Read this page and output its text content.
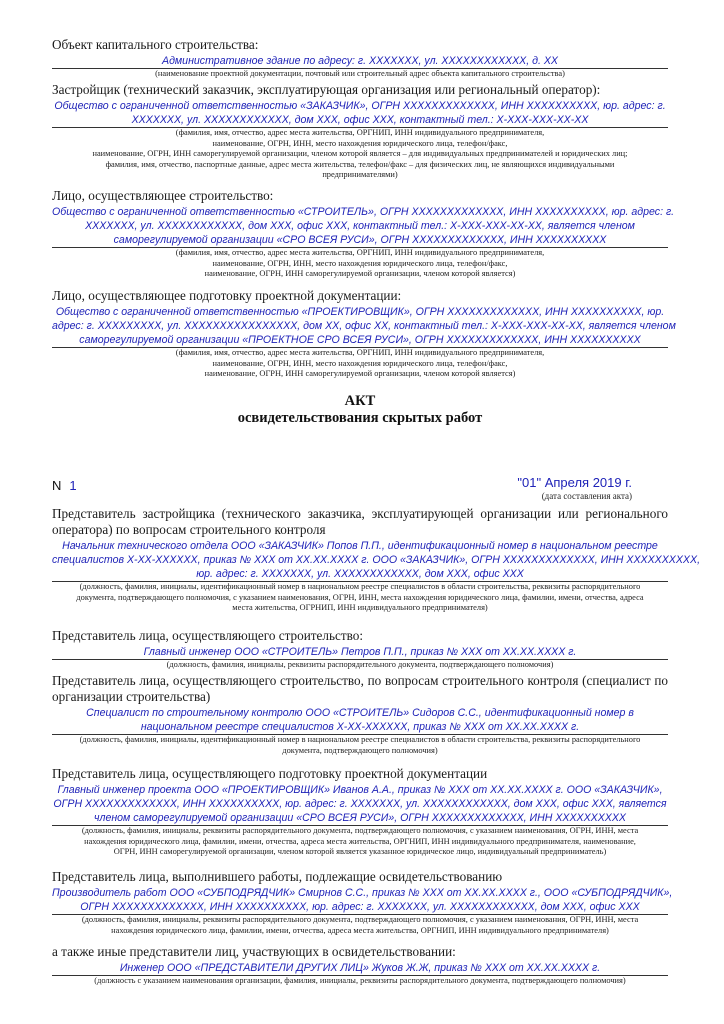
Объект капитального строительства:
Административное здание по адресу: г. XXXXXXX, ул. XXXXXXXXXXXX, д. XX
(наименование проектной документации, почтовый или строительный адрес объекта капитального строительства)
Застройщик (технический заказчик, эксплуатирующая организация или региональный оператор):
Общество с ограниченной ответственностью «ЗАКАЗЧИК», ОГРН XXXXXXXXXXXXX, ИНН XXXXXXXXXX, юр. адрес: г.
XXXXXXX, ул. XXXXXXXXXXXX, дом XXX, офис XXX, контактный тел.: X-XXX-XXX-XX-XX
(фамилия, имя, отчество, адрес места жительства, ОРГНИП, ИНН индивидуального предпринимателя,
наименование, ОГРН, ИНН, место нахождения юридического лица, телефон/факс,
наименование, ОГРН, ИНН саморегулируемой организации, членом которой является – для индивидуальных предпринимателей и юридических лиц;
фамилия, имя, отчество, паспортные данные, адрес места жительства, телефон/факс – для физических лиц, не являющихся индивидуальными
предпринимателями)
Лицо, осуществляющее строительство:
Общество с ограниченной ответственностью «СТРОИТЕЛЬ», ОГРН XXXXXXXXXXXXX, ИНН XXXXXXXXXX, юр. адрес: г.
XXXXXXX, ул. XXXXXXXXXXXX, дом XXX, офис XXX, контактный тел.: X-XXX-XXX-XX-XX, является членом
саморегулируемой организации «СРО ВСЕЯ РУСИ», ОГРН XXXXXXXXXXXXX, ИНН XXXXXXXXXX
(фамилия, имя, отчество, адрес места жительства, ОРГНИП, ИНН индивидуального предпринимателя,
наименование, ОГРН, ИНН, место нахождения юридического лица, телефон/факс,
наименование, ОГРН, ИНН саморегулируемой организации, членом которой является)
Лицо, осуществляющее подготовку проектной документации:
Общество с ограниченной ответственностью «ПРОЕКТИРОВЩИК», ОГРН XXXXXXXXXXXXX, ИНН XXXXXXXXXX, юр.
адрес: г. XXXXXXXXX, ул. XXXXXXXXXXXXXXXX, дом XX, офис XX, контактный тел.: X-XXX-XXX-XX-XX, является членом
саморегулируемой организации «ПРОЕКТНОЕ СРО ВСЕЯ РУСИ», ОГРН XXXXXXXXXXXXX, ИНН XXXXXXXXXX
(фамилия, имя, отчество, адрес места жительства, ОРГНИП, ИНН индивидуального предпринимателя,
наименование, ОГРН, ИНН, место нахождения юридического лица, телефон/факс,
наименование, ОГРН, ИНН саморегулируемой организации, членом которой является)
АКТ
освидетельствования скрытых работ
N 1	"01" Апреля 2019 г.
(дата составления акта)
Представитель застройщика (технического заказчика, эксплуатирующей организации или регионального оператора) по вопросам строительного контроля
Начальник технического отдела ООО «ЗАКАЗЧИК» Попов П.П., идентификационный номер в национальном реестре
специалистов X-XX-XXXXXX, приказ № XXX от XX.XX.XXXX г. ООО «ЗАКАЗЧИК», ОГРН XXXXXXXXXXXXX, ИНН XXXXXXXXXX,
юр. адрес: г. XXXXXXX, ул. XXXXXXXXXXXX, дом XXX, офис XXX
(должность, фамилия, инициалы, идентификационный номер в национальном реестре специалистов в области строительства, реквизиты распорядительного
документа, подтверждающего полномочия, с указанием наименования, ОГРН, ИНН, места нахождения юридического лица, фамилии, имени, отчества, адреса
места жительства, ОГРНИП, ИНН индивидуального предпринимателя)
Представитель лица, осуществляющего строительство:
Главный инженер ООО «СТРОИТЕЛЬ» Петров П.П., приказ № XXX от XX.XX.XXXX г.
(должность, фамилия, инициалы, реквизиты распорядительного документа, подтверждающего полномочия)
Представитель лица, осуществляющего строительство, по вопросам строительного контроля (специалист по организации строительства)
Специалист по строительному контролю ООО «СТРОИТЕЛЬ» Сидоров С.С., идентификационный номер в
национальном реестре специалистов X-XX-XXXXXX, приказ № XXX от XX.XX.XXXX г.
(должность, фамилия, инициалы, идентификационный номер в национальном реестре специалистов в области строительства, реквизиты распорядительного
документа, подтверждающего полномочия)
Представитель лица, осуществляющего подготовку проектной документации
Главный инженер проекта ООО «ПРОЕКТИРОВЩИК» Иванов А.А., приказ № XXX от XX.XX.XXXX г. ООО «ЗАКАЗЧИК»,
ОГРН XXXXXXXXXXXXX, ИНН XXXXXXXXXX, юр. адрес: г. XXXXXXX, ул. XXXXXXXXXXXX, дом XXX, офис XXX, является
членом саморегулируемой организации «СРО ВСЕЯ РУСИ», ОГРН XXXXXXXXXXXXX, ИНН XXXXXXXXXX
(должность, фамилия, инициалы, реквизиты распорядительного документа, подтверждающего полномочия, с указанием наименования, ОГРН, ИНН, места
нахождения юридического лица, фамилии, имени, отчества, адреса места жительства, ОРГНИП, ИНН индивидуального предпринимателя, наименование,
ОГРН, ИНН саморегулируемой организации, членом которой является указанное юридическое лицо, индивидуальный предприниматель)
Представитель лица, выполнившего работы, подлежащие освидетельствованию
Производитель работ ООО «СУБПОДРЯДЧИК» Смирнов С.С., приказ № XXX от XX.XX.XXXX г., ООО «СУБПОДРЯДЧИК»,
ОГРН XXXXXXXXXXXXX, ИНН XXXXXXXXXX, юр. адрес: г. XXXXXXX, ул. XXXXXXXXXXXX, дом XXX, офис XXX
(должность, фамилия, инициалы, реквизиты распорядительного документа, подтверждающего полномочия, с указанием наименования, ОГРН, ИНН, места
нахождения юридического лица, фамилии, имени, отчества, адреса места жительства, ОРГНИП, ИНН индивидуального предпринимателя)
а также иные представители лиц, участвующих в освидетельствовании:
Инженер ООО «ПРЕДСТАВИТЕЛИ ДРУГИХ ЛИЦ» Жуков Ж.Ж, приказ № XXX от XX.XX.XXXX г.
(должность с указанием наименования организации, фамилия, инициалы, реквизиты распорядительного документа, подтверждающего полномочия)
